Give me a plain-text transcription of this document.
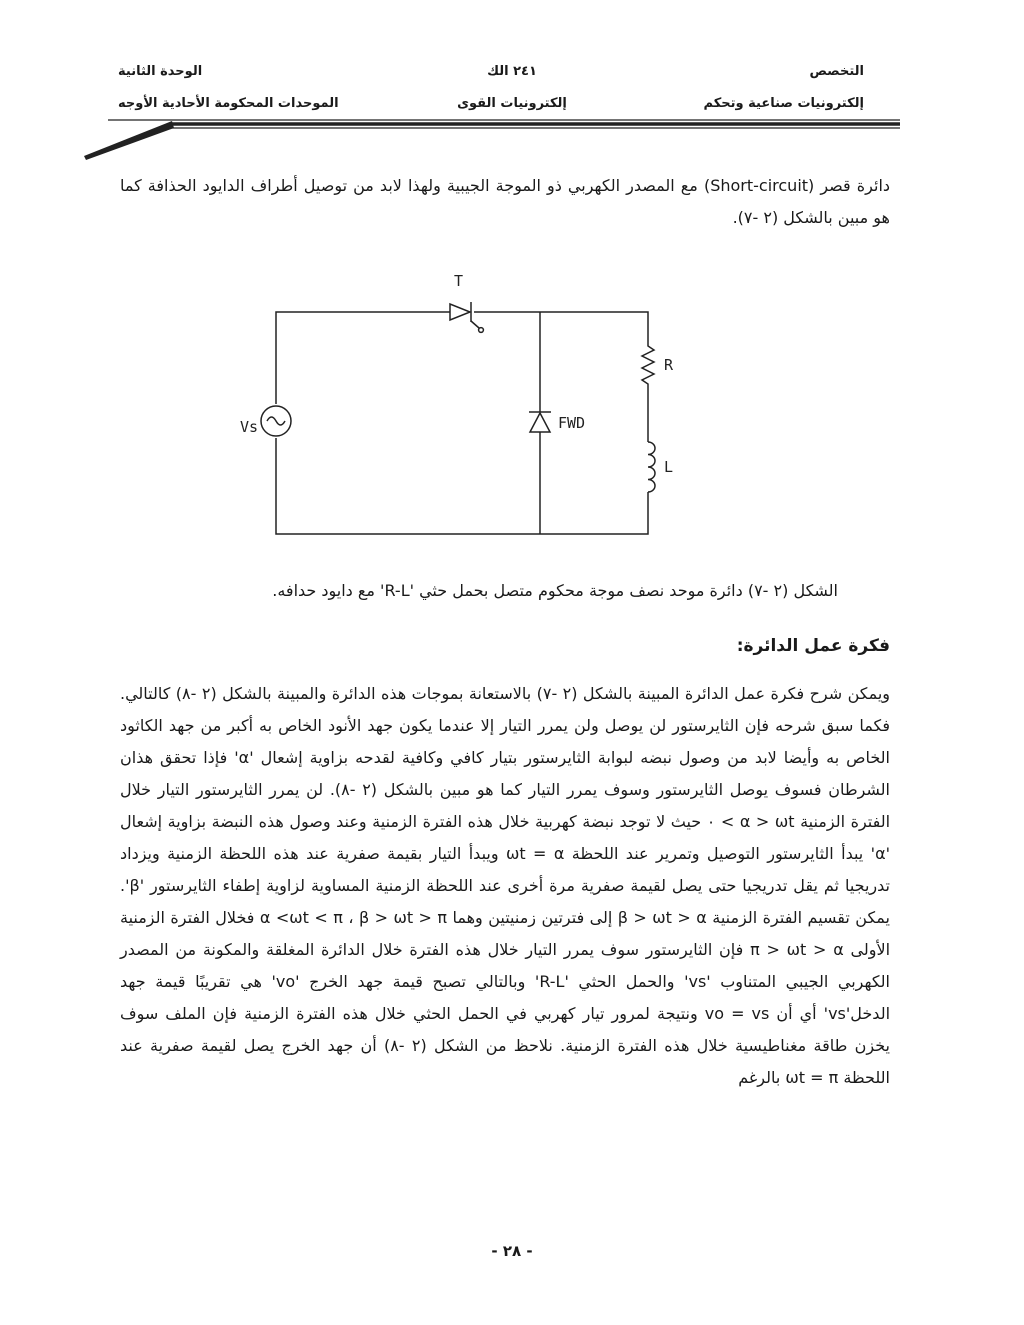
التخصص
إلكترونيات صناعية وتحكم
٢٤١ الك
إلكترونيات القوى
الوحدة الثانية
الموحدات المحكومة الأحادية الأوجه
دائرة قصر (Short-circuit) مع المصدر الكهربي ذو الموجة الجيبية ولهذا لابد من توصيل أطراف الدايود الحذافة كما هو مبين بالشكل (٢ -٧).
T
R
L
FWD
Vs
الشكل (٢ -٧) دائرة موحد نصف موجة محكوم متصل بحمل حثي 'R-L' مع دايود حدافه.
فكرة عمل الدائرة:
ويمكن شرح فكرة عمل الدائرة المبينة بالشكل (٢ -٧) بالاستعانة بموجات هذه الدائرة والمبينة بالشكل (٢ -٨) كالتالي. فكما سبق شرحه فإن الثايرستور لن يوصل ولن يمرر التيار إلا عندما يكون جهد الأنود الخاص به أكبر من جهد الكاثود الخاص به وأيضا لابد من وصول نبضه لبوابة الثايرستور بتيار كافي وكافية لقدحه بزاوية إشعال 'α' فإذا تحقق هذان الشرطان فسوف يوصل الثايرستور وسوف يمرر التيار كما هو مبين بالشكل (٢ -٨). لن يمرر الثايرستور التيار خلال الفترة الزمنية α > ωt > ٠ حيث لا توجد نبضة كهربية خلال هذه الفترة الزمنية وعند وصول هذه النبضة بزاوية إشعال 'α' يبدأ الثايرستور التوصيل وتمرير عند اللحظة ωt = α ويبدأ التيار بقيمة صفرية عند هذه اللحظة الزمنية ويزداد تدريجيا ثم يقل تدريجيا حتى يصل لقيمة صفرية مرة أخرى عند اللحظة الزمنية المساوية لزاوية إطفاء الثايرستور 'β'. يمكن تقسيم الفترة الزمنية β > ωt > α إلى فترتين زمنيتين وهما α <ωt < π ، β > ωt > π فخلال الفترة الزمنية الأولى π > ωt > α فإن الثايرستور سوف يمرر التيار خلال هذه الفترة خلال الدائرة المغلقة والمكونة من المصدر الكهربي الجيبي المتناوب 'vs' والحمل الحثي 'R-L' وبالتالي تصبح قيمة جهد الخرج 'vo' هي تقريبًا قيمة جهد الدخل'vs' أي أن vo = vs ونتيجة لمرور تيار كهربي في الحمل الحثي خلال هذه الفترة الزمنية فإن الملف سوف يخزن طاقة مغناطيسية خلال هذه الفترة الزمنية. نلاحظ من الشكل (٢ -٨) أن جهد الخرج يصل لقيمة صفرية عند اللحظة ωt = π بالرغم
- ٢٨ -
